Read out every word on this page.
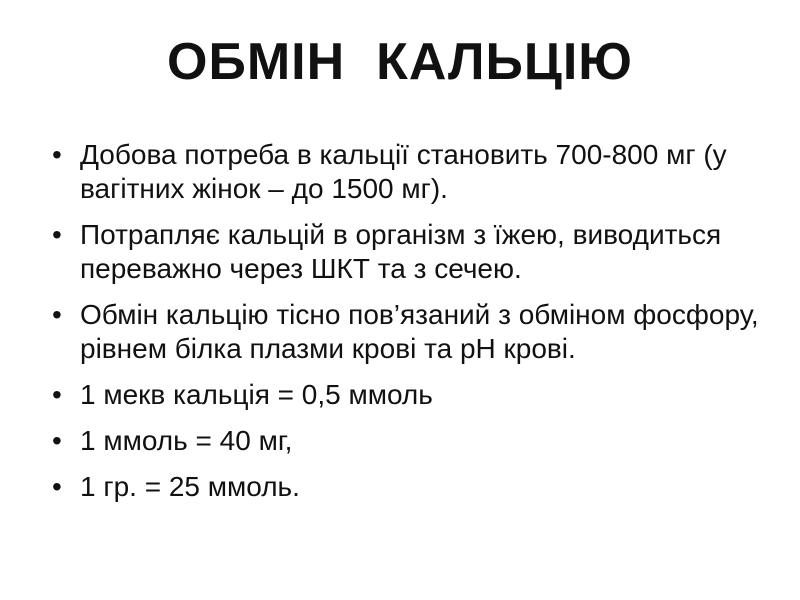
ОБМІН  КАЛЬЦІЮ
• Добова потреба в кальції становить 700-800 мг (у вагітних жінок – до 1500 мг).
• Потрапляє кальцій в організм з їжею, виводиться переважно через ШКТ та з сечею.
• Обмін кальцію тісно пов’язаний з обміном фосфору, рівнем білка плазми крові та рН крові.
• 1 мекв кальція = 0,5 ммоль
• 1 ммоль = 40 мг,
• 1 гр. = 25 ммоль.
